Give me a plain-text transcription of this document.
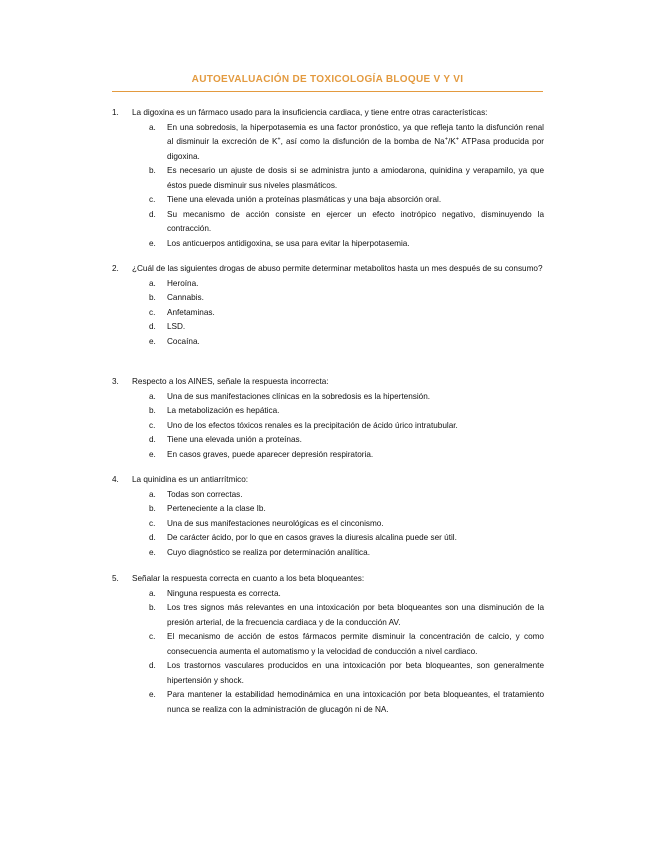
AUTOEVALUACIÓN DE TOXICOLOGÍA BLOQUE V Y VI
1.	La digoxina es un fármaco usado para la insuficiencia cardiaca, y tiene entre otras características:
a. En una sobredosis, la hiperpotasemia es una factor pronóstico, ya que refleja tanto la disfunción renal al disminuir la excreción de K+, así como la disfunción de la bomba de Na+/K+ ATPasa producida por digoxina.
b. Es necesario un ajuste de dosis si se administra junto a amiodarona, quinidina y verapamilo, ya que éstos puede disminuir sus niveles plasmáticos.
c. Tiene una elevada unión a proteínas plasmáticas y una baja absorción oral.
d. Su mecanismo de acción consiste en ejercer un efecto inotrópico negativo, disminuyendo la contracción.
e. Los anticuerpos antidigoxina, se usa para evitar la hiperpotasemia.
2.	¿Cuál de las siguientes drogas de abuso permite determinar metabolitos hasta un mes después de su consumo?
a. Heroína.
b. Cannabis.
c. Anfetaminas.
d. LSD.
e. Cocaína.
3.	Respecto a los AINES, señale la respuesta incorrecta:
a. Una de sus manifestaciones clínicas en la sobredosis es la hipertensión.
b. La metabolización es hepática.
c. Uno de los efectos tóxicos renales es la precipitación de ácido úrico intratubular.
d. Tiene una elevada unión a proteínas.
e. En casos graves, puede aparecer depresión respiratoria.
4.	La quinidina es un antiarrítmico:
a. Todas son correctas.
b. Perteneciente a la clase Ib.
c. Una de sus manifestaciones neurológicas es el cinconismo.
d. De carácter ácido, por lo que en casos graves la diuresis alcalina puede ser útil.
e. Cuyo diagnóstico se realiza por determinación analítica.
5.	Señalar la respuesta correcta en cuanto a los beta bloqueantes:
a. Ninguna respuesta es correcta.
b. Los tres signos más relevantes en una intoxicación por beta bloqueantes son una disminución de la presión arterial, de la frecuencia cardiaca y de la conducción AV.
c. El mecanismo de acción de estos fármacos permite disminuir la concentración de calcio, y como consecuencia aumenta el automatismo y la velocidad de conducción a nivel cardiaco.
d. Los trastornos vasculares producidos en una intoxicación por beta bloqueantes, son generalmente hipertensión y shock.
e. Para mantener la estabilidad hemodinámica en una intoxicación por beta bloqueantes, el tratamiento nunca se realiza con la administración de glucagón ni de NA.
